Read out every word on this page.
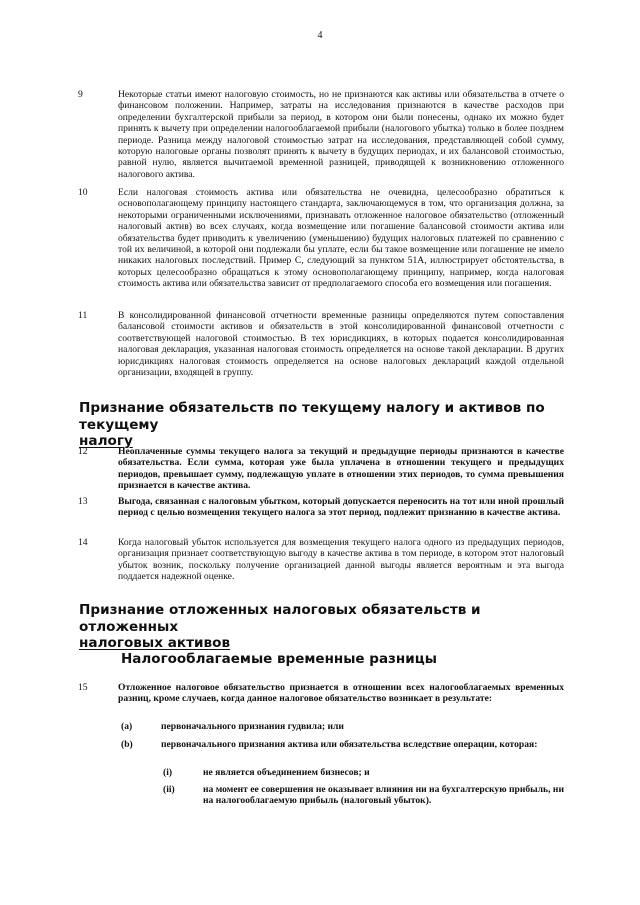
4
9	Некоторые статьи имеют налоговую стоимость, но не признаются как активы или обязательства в отчете о финансовом положении. Например, затраты на исследования признаются в качестве расходов при определении бухгалтерской прибыли за период, в котором они были понесены, однако их можно будет принять к вычету при определении налогооблагаемой прибыли (налогового убытка) только в более позднем периоде. Разница между налоговой стоимостью затрат на исследования, представляющей собой сумму, которую налоговые органы позволят принять к вычету в будущих периодах, и их балансовой стоимостью, равной нулю, является вычитаемой временной разницей, приводящей к возникновению отложенного налогового актива.
10	Если налоговая стоимость актива или обязательства не очевидна, целесообразно обратиться к основополагающему принципу настоящего стандарта, заключающемуся в том, что организация должна, за некоторыми ограниченными исключениями, признавать отложенное налоговое обязательство (отложенный налоговый актив) во всех случаях, когда возмещение или погашение балансовой стоимости актива или обязательства будет приводить к увеличению (уменьшению) будущих налоговых платежей по сравнению с той их величиной, в которой они подлежали бы уплате, если бы такое возмещение или погашение не имело никаких налоговых последствий. Пример C, следующий за пунктом 51A, иллюстрирует обстоятельства, в которых целесообразно обращаться к этому основополагающему принципу, например, когда налоговая стоимость актива или обязательства зависит от предполагаемого способа его возмещения или погашения.
11	В консолидированной финансовой отчетности временные разницы определяются путем сопоставления балансовой стоимости активов и обязательств в этой консолидированной финансовой отчетности с соответствующей налоговой стоимостью. В тех юрисдикциях, в которых подается консолидированная налоговая декларация, указанная налоговая стоимость определяется на основе такой декларации. В других юрисдикциях налоговая стоимость определяется на основе налоговых деклараций каждой отдельной организации, входящей в группу.
Признание обязательств по текущему налогу и активов по текущему
налогу
12	Неоплаченные суммы текущего налога за текущий и предыдущие периоды признаются в качестве обязательства. Если сумма, которая уже была уплачена в отношении текущего и предыдущих периодов, превышает сумму, подлежащую уплате в отношении этих периодов, то сумма превышения признается в качестве актива.
13	Выгода, связанная с налоговым убытком, который допускается переносить на тот или иной прошлый период с целью возмещения текущего налога за этот период, подлежит признанию в качестве актива.
14	Когда налоговый убыток используется для возмещения текущего налога одного из предыдущих периодов, организация признает соответствующую выгоду в качестве актива в том периоде, в котором этот налоговый убыток возник, поскольку получение организацией данной выгоды является вероятным и эта выгода поддается надежной оценке.
Признание отложенных налоговых обязательств и отложенных
налоговых активов
Налогооблагаемые временные разницы
15	Отложенное налоговое обязательство признается в отношении всех налогооблагаемых временных разниц, кроме случаев, когда данное налоговое обязательство возникает в результате:
(a)	первоначального признания гудвила; или
(b)	первоначального признания актива или обязательства вследствие операции, которая:
(i)	не является объединением бизнесов; и
(ii)	на момент ее совершения не оказывает влияния ни на бухгалтерскую прибыль, ни на налогооблагаемую прибыль (налоговый убыток).
